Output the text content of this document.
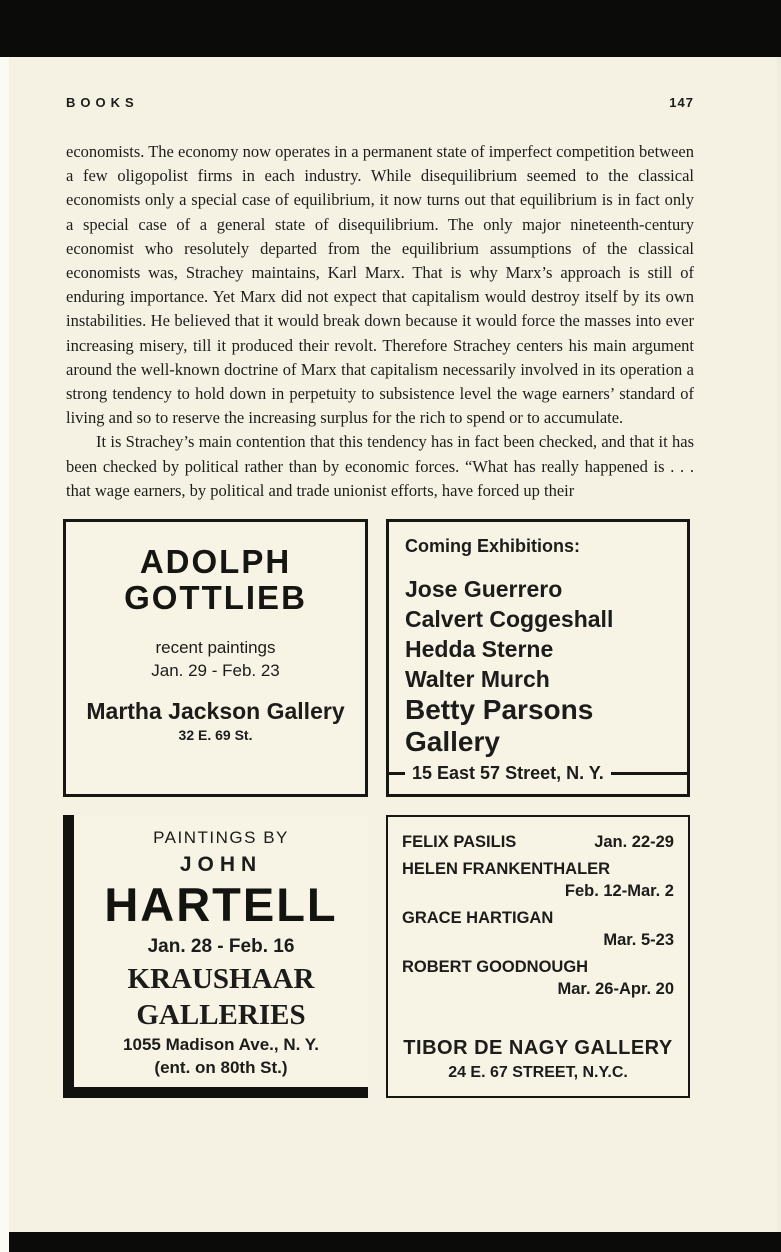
BOOKS	147

economists. The economy now operates in a permanent state of imperfect competition between a few oligopolist firms in each industry. While disequilibrium seemed to the classical economists only a special case of equilibrium, it now turns out that equilibrium is in fact only a special case of a general state of disequilibrium. The only major nineteenth-century economist who resolutely departed from the equilibrium assumptions of the classical economists was, Strachey maintains, Karl Marx. That is why Marx’s approach is still of enduring importance. Yet Marx did not expect that capitalism would destroy itself by its own instabilities. He believed that it would break down because it would force the masses into ever increasing misery, till it produced their revolt. Therefore Strachey centers his main argument around the well-known doctrine of Marx that capitalism necessarily involved in its operation a strong tendency to hold down in perpetuity to subsistence level the wage earners’ standard of living and so to reserve the increasing surplus for the rich to spend or to accumulate.

It is Strachey’s main contention that this tendency has in fact been checked, and that it has been checked by political rather than by economic forces. “What has really happened is . . . that wage earners, by political and trade unionist efforts, have forced up their

ADOLPH
GOTTLIEB
recent paintings
Jan. 29 - Feb. 23
Martha Jackson Gallery
32 E. 69 St.
Coming Exhibitions:
Jose Guerrero
Calvert Coggeshall
Hedda Sterne
Walter Murch
Betty Parsons Gallery
15 East 57 Street, N. Y.
PAINTINGS BY
JOHN
HARTELL
Jan. 28 - Feb. 16
KRAUSHAAR GALLERIES
1055 Madison Ave., N. Y.
(ent. on 80th St.)
FELIX PASILIS	Jan. 22-29
HELEN FRANKENTHALER
Feb. 12-Mar. 2
GRACE HARTIGAN
Mar. 5-23
ROBERT GOODNOUGH
Mar. 26-Apr. 20
TIBOR DE NAGY GALLERY
24 E. 67 STREET, N.Y.C.
